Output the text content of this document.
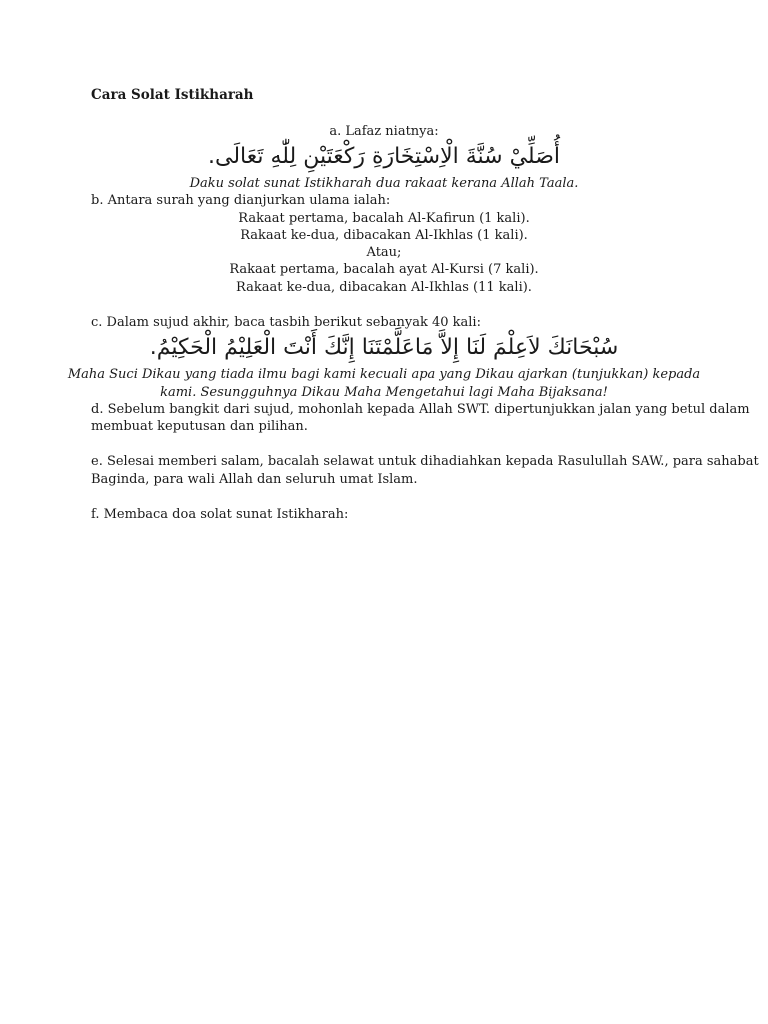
Cara Solat Istikharah
a. Lafaz niatnya:
أُصَلِّيْ سُنَّةَ الْاِسْتِخَارَةِ رَكْعَتَيْنِ لِلّٰهِ تَعَالَى.
Daku solat sunat Istikharah dua rakaat kerana Allah Taala.
b. Antara surah yang dianjurkan ulama ialah:
Rakaat pertama, bacalah Al-Kafirun (1 kali).
Rakaat ke-dua, dibacakan Al-Ikhlas (1 kali).
Atau;
Rakaat pertama, bacalah ayat Al-Kursi (7 kali).
Rakaat ke-dua, dibacakan Al-Ikhlas (11 kali).
c. Dalam sujud akhir, baca tasbih berikut sebanyak 40 kali:
سُبْحَانَكَ لاَعِلْمَ لَنَا إِلاَّ مَاعَلَّمْتَنَا إِنَّكَ أَنْتَ الْعَلِيْمُ الْحَكِيْمُ.
Maha Suci Dikau yang tiada ilmu bagi kami kecuali apa yang Dikau ajarkan (tunjukkan) kepada
kami. Sesungguhnya Dikau Maha Mengetahui lagi Maha Bijaksana!
d. Sebelum bangkit dari sujud, mohonlah kepada Allah SWT. dipertunjukkan jalan yang betul dalam
membuat keputusan dan pilihan.
e. Selesai memberi salam, bacalah selawat untuk dihadiahkan kepada Rasulullah SAW., para sahabat
Baginda, para wali Allah dan seluruh umat Islam.
f. Membaca doa solat sunat Istikharah:
